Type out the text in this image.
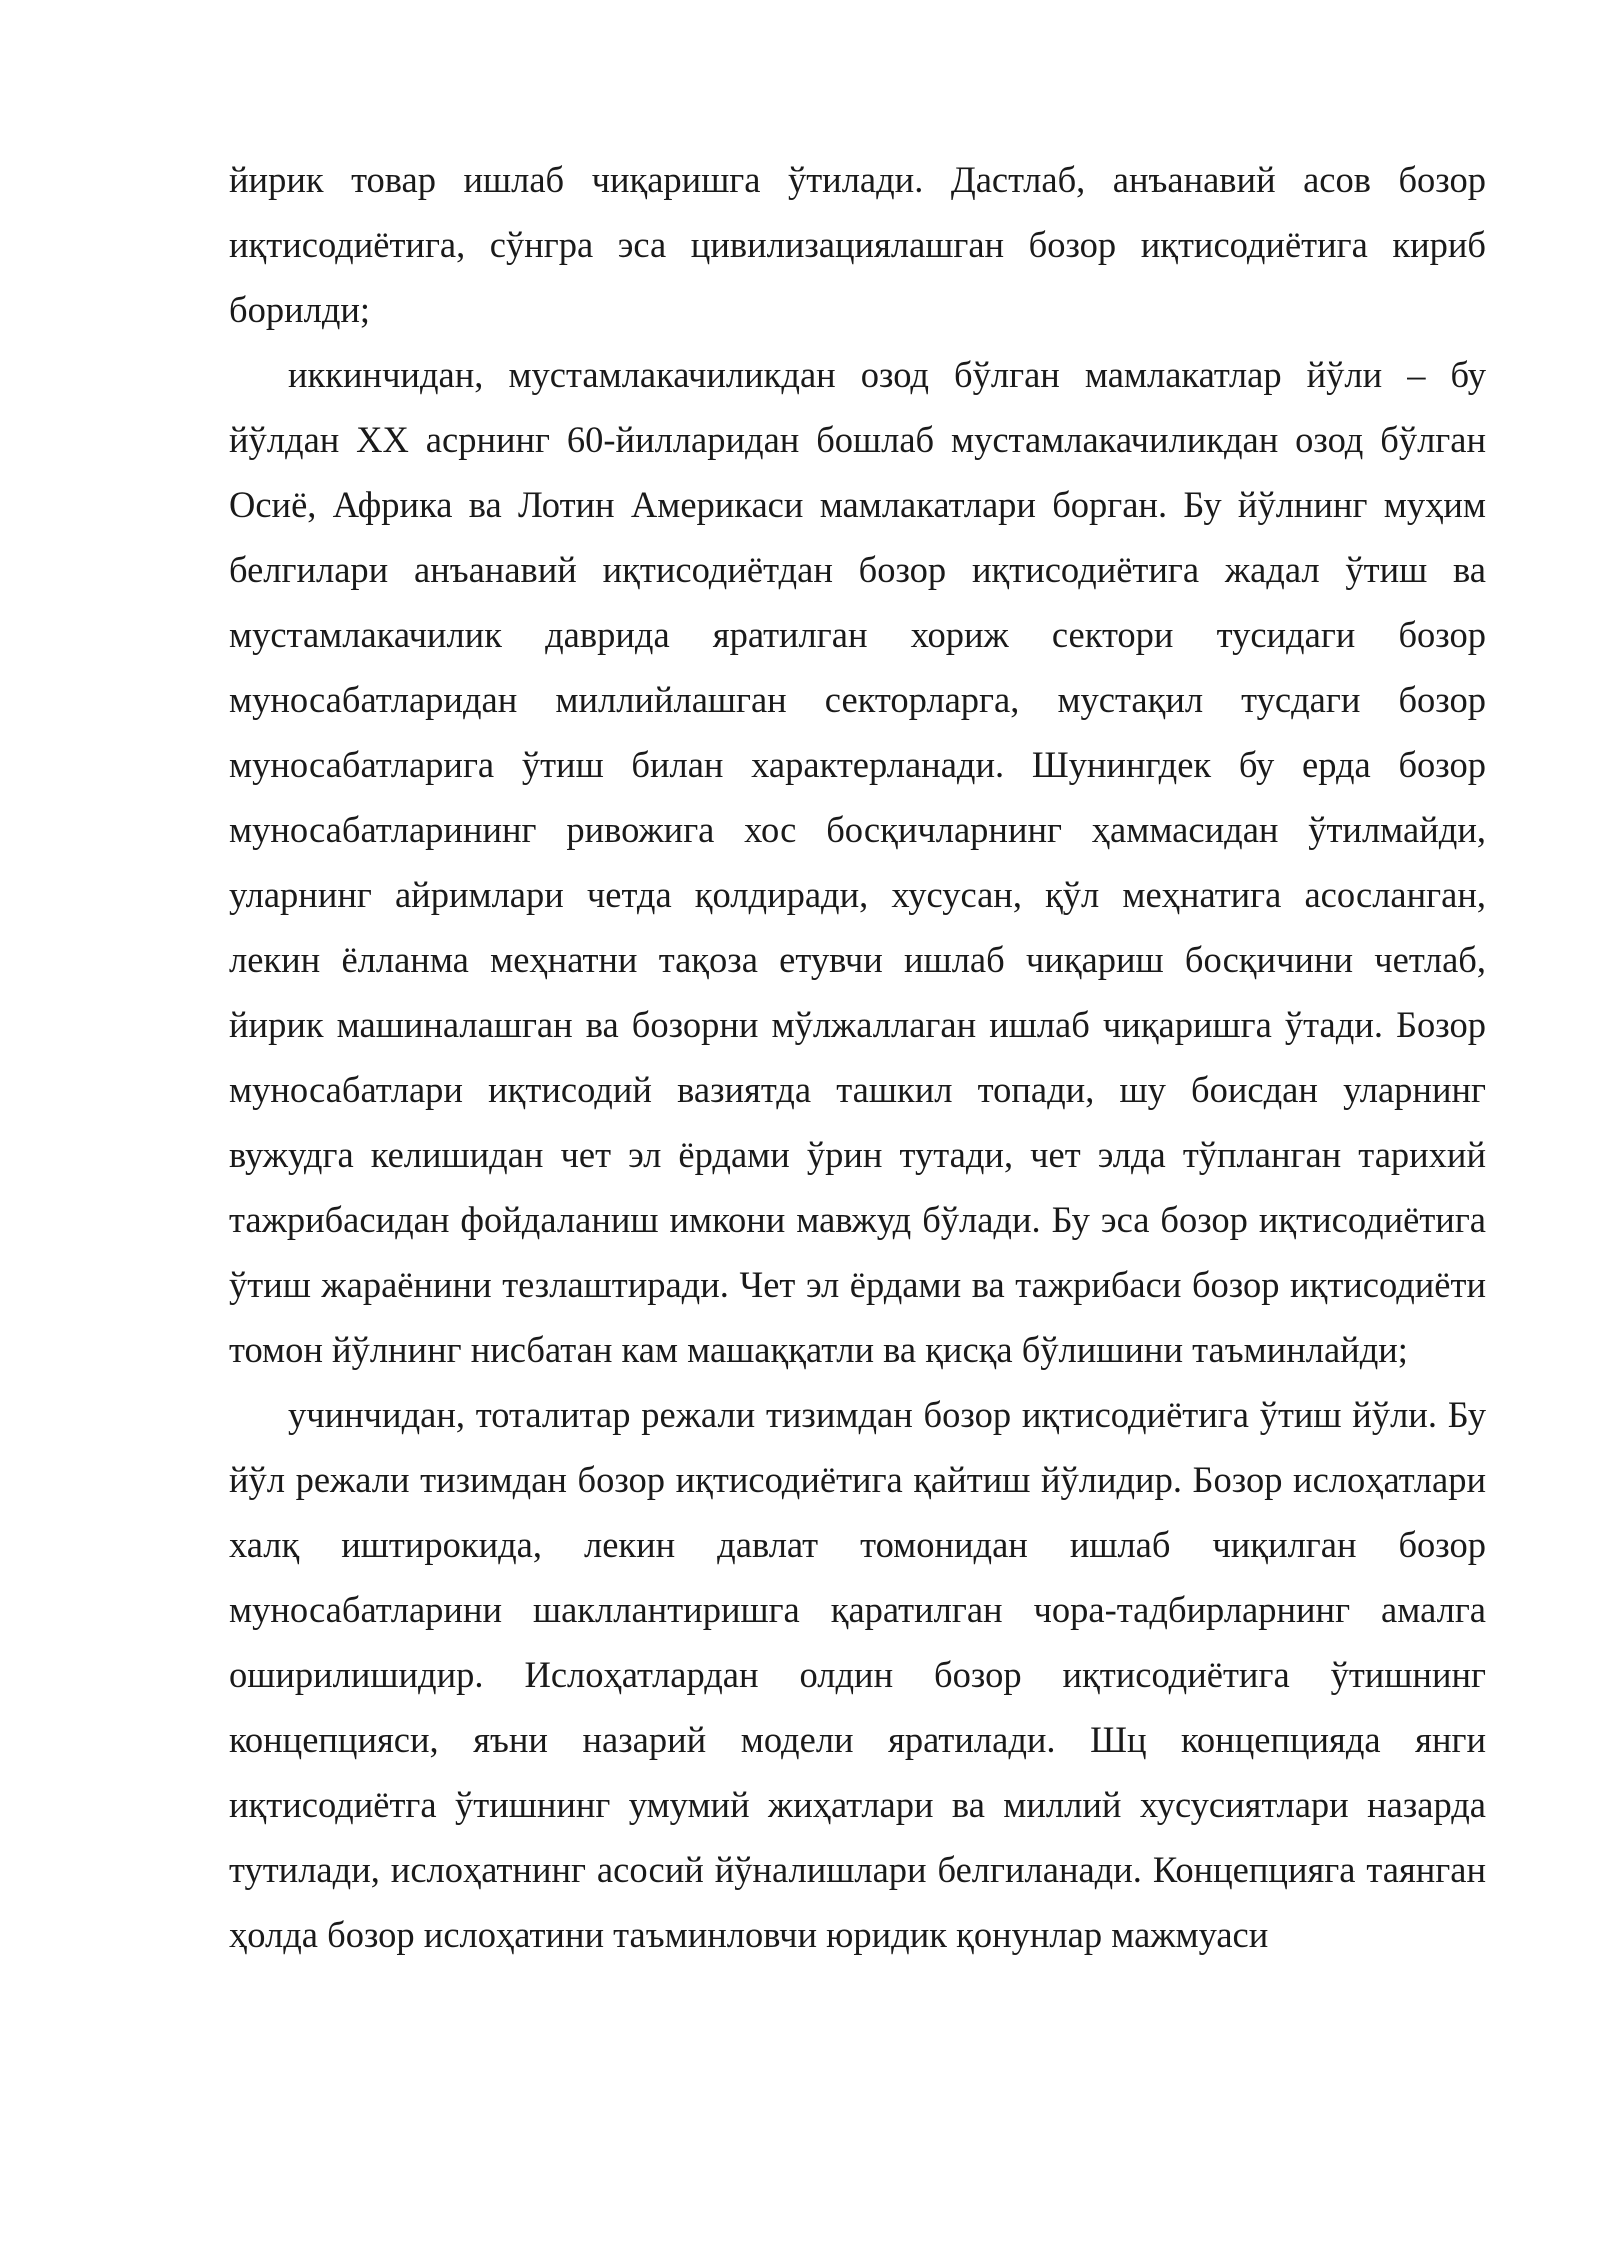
йирик товар ишлаб чиқаришга ўтилади. Дастлаб, анъанавий асов бозор иқтисодиётига, сўнгра эса цивилизациялашган бозор иқтисодиётига кириб борилди;

иккинчидан, мустамлакачиликдан озод бўлган мамлакатлар йўли – бу йўлдан XX асрнинг 60-йилларидан бошлаб мустамлакачиликдан озод бўлган Осиё, Африка ва Лотин Америкаси мамлакатлари борган. Бу йўлнинг муҳим белгилари анъанавий иқтисодиётдан бозор иқтисодиётига жадал ўтиш ва мустамлакачилик даврида яратилган хориж сектори тусидаги бозор муносабатларидан миллийлашган секторларга, мустақил тусдаги бозор муносабатларига ўтиш билан характерланади. Шунингдек бу ерда бозор муносабатларининг ривожига хос босқичларнинг ҳаммасидан ўтилмайди, уларнинг айримлари четда қолдиради, хусусан, қўл меҳнатига асосланган, лекин ёлланма меҳнатни тақоза етувчи ишлаб чиқариш босқичини четлаб, йирик машиналашган ва бозорни мўлжаллаган ишлаб чиқаришга ўтади. Бозор муносабатлари иқтисодий вазиятда ташкил топади, шу боисдан уларнинг вужудга келишидан чет эл ёрдами ўрин тутади, чет элда тўпланган тарихий тажрибасидан фойдаланиш имкони мавжуд бўлади. Бу эса бозор иқтисодиётига ўтиш жараёнини тезлаштиради. Чет эл ёрдами ва тажрибаси бозор иқтисодиёти томон йўлнинг нисбатан кам машаққатли ва қисқа бўлишини таъминлайди;

учинчидан, тоталитар режали тизимдан бозор иқтисодиётига ўтиш йўли. Бу йўл режали тизимдан бозор иқтисодиётига қайтиш йўлидир. Бозор ислоҳатлари халқ иштирокида, лекин давлат томонидан ишлаб чиқилган бозор муносабатларини шакллантиришга қаратилган чора-тадбирларнинг амалга оширилишидир. Ислоҳатлардан олдин бозор иқтисодиётига ўтишнинг концепцияси, яъни назарий модели яратилади. Шц концепцияда янги иқтисодиётга ўтишнинг умумий жиҳатлари ва миллий хусусиятлари назарда тутилади, ислоҳатнинг асосий йўналишлари белгиланади. Концепцияга таянган ҳолда бозор ислоҳатини таъминловчи юридик қонунлар мажмуаси
